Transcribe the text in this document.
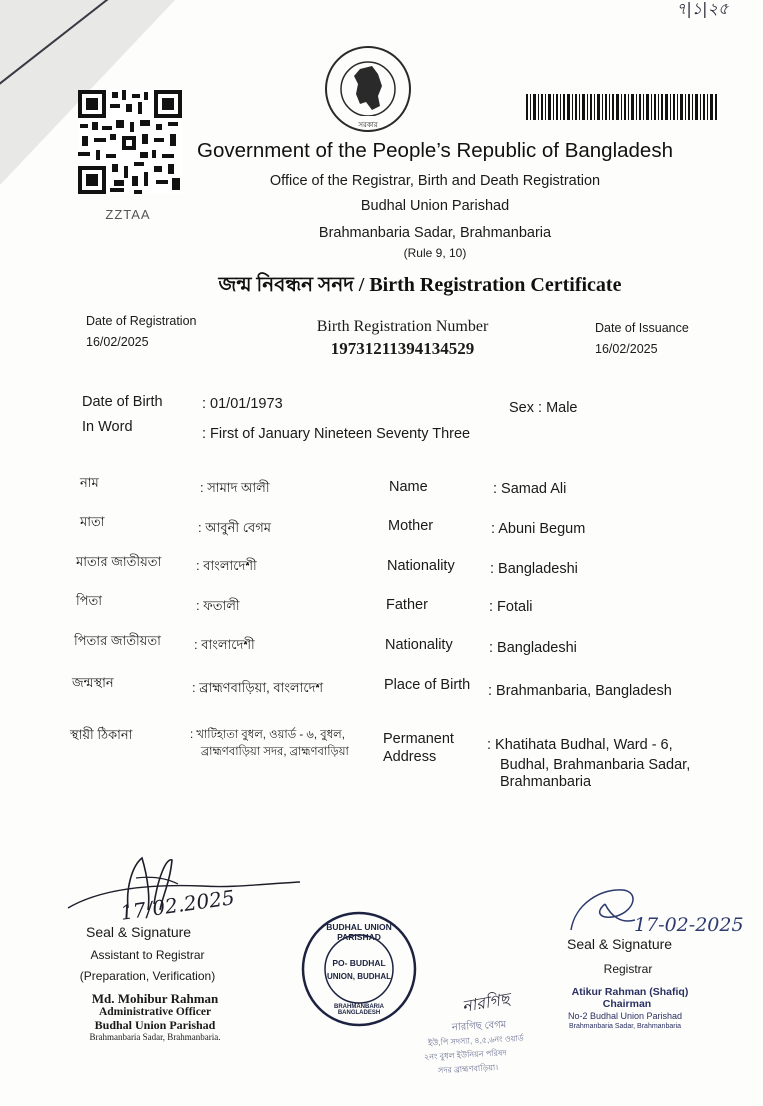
৭|১|২৫
ZZTAA
সরকার
Government of the People’s Republic of Bangladesh
Office of the Registrar, Birth and Death Registration
Budhal Union Parishad
Brahmanbaria Sadar, Brahmanbaria
(Rule 9, 10)
জন্ম নিবন্ধন সনদ / Birth Registration Certificate
Date of Registration
16/02/2025
Birth Registration Number
19731211394134529
Date of Issuance
16/02/2025
Date of Birth	: 01/01/1973	Sex : Male
In Word	: First of January Nineteen Seventy Three
নাম	: সামাদ আলী	Name	: Samad Ali
মাতা	: আবুনী বেগম	Mother	: Abuni Begum
মাতার জাতীয়তা	: বাংলাদেশী	Nationality : Bangladeshi
পিতা	: ফতালী	Father	: Fotali
পিতার জাতীয়তা	: বাংলাদেশী	Nationality	: Bangladeshi
জন্মস্থান	: ব্রাহ্মণবাড়িয়া, বাংলাদেশ	Place of Birth : Brahmanbaria, Bangladesh
স্থায়ী ঠিকানা	: খাটিহাতা বুধল, ওয়ার্ড - ৬, বুধল,
ব্রাহ্মণবাড়িয়া সদর, ব্রাহ্মণবাড়িয়া
Permanent
Address
: Khatihata Budhal, Ward - 6,
Budhal, Brahmanbaria Sadar,
Brahmanbaria
17/02.2025
Seal & Signature
Assistant to Registrar
(Preparation, Verification)
Md. Mohibur Rahman
Administrative Officer
Budhal Union Parishad
Brahmanbaria Sadar, Brahmanbaria.
BUDHAL UNION PARISHAD
PO- BUDHAL
UNION, BUDHAL
BRAHMANBARIA BANGLADESH	নারগিছ
নারগিছ বেগম
ইউ,পি সদস্যা, ৪,৫,৬নং ওয়ার্ড
২নং বুধল ইউনিয়ন পরিষদ
সদর ব্রাহ্মণবাড়িয়া।
17-02-2025
Seal & Signature
Registrar
Atikur Rahman (Shafiq)
Chairman
No-2 Budhal Union Parishad
Brahmanbaria Sadar, Brahmanbaria
